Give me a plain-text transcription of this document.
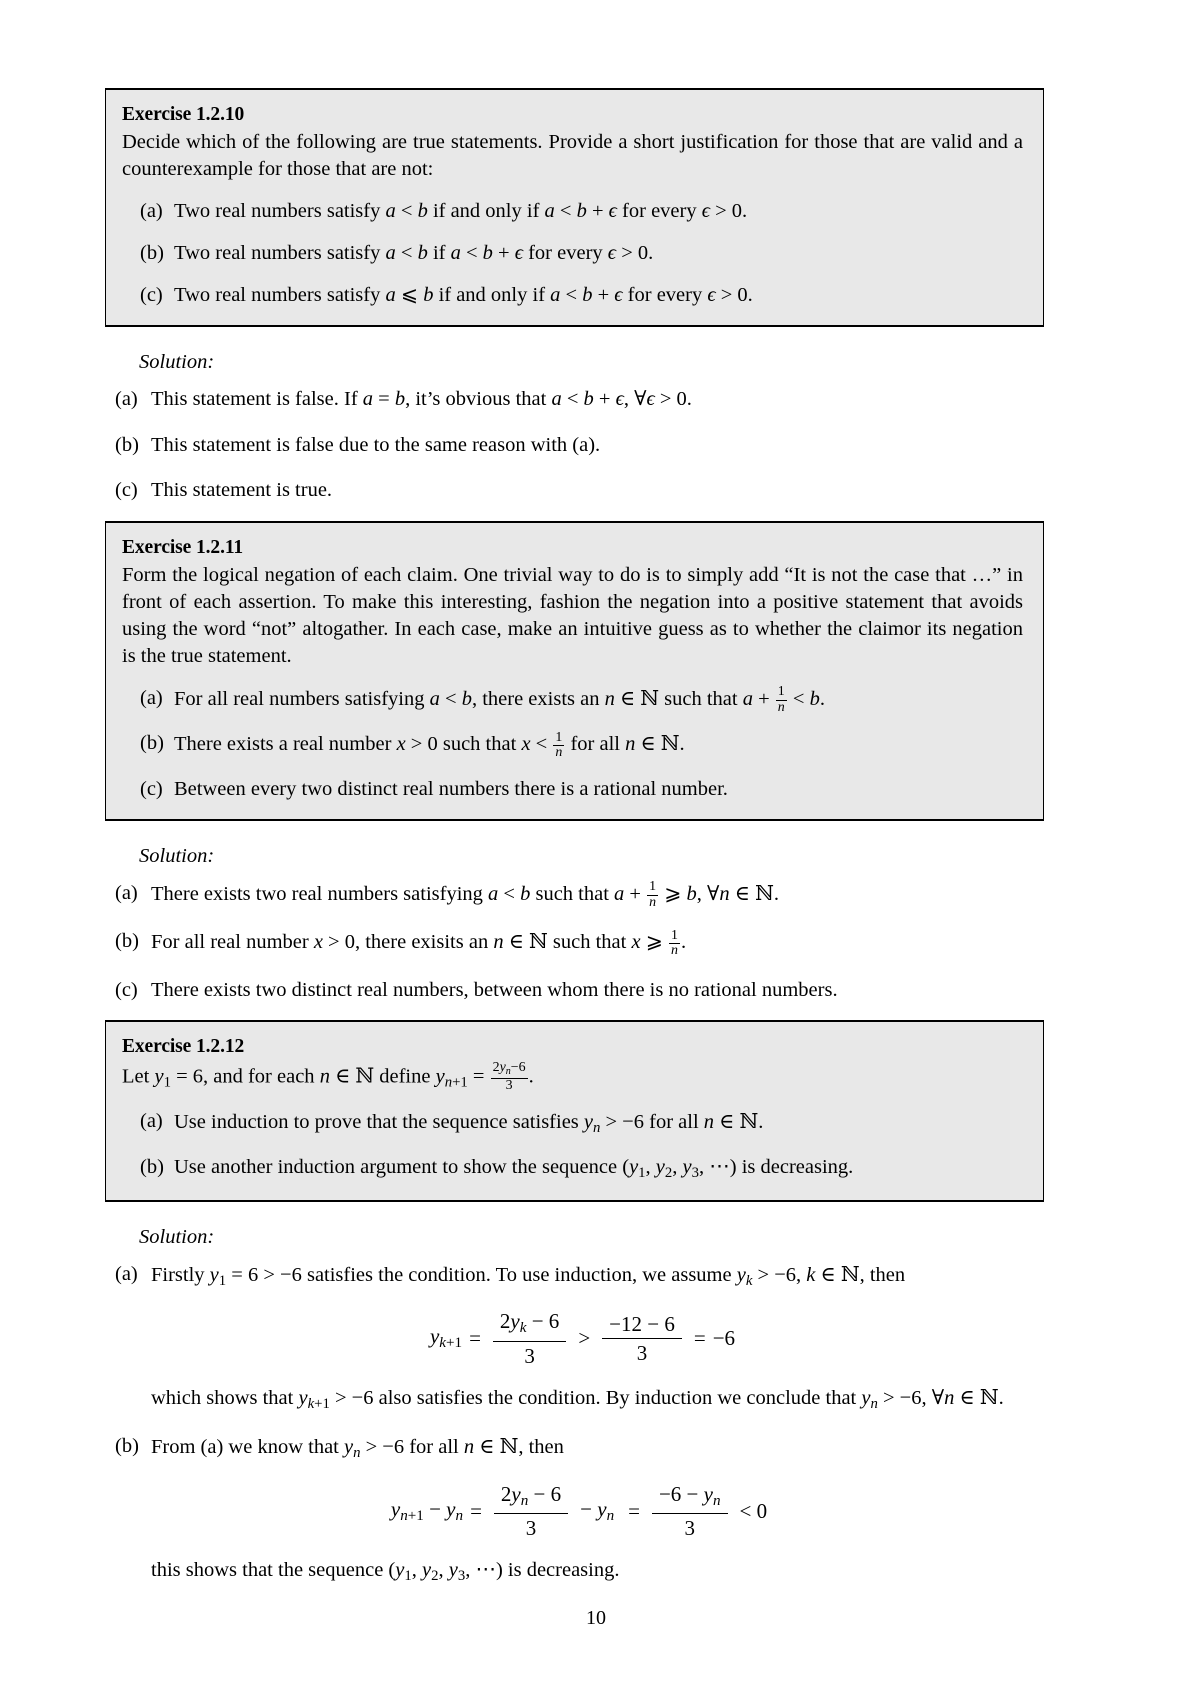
Exercise 1.2.10
Decide which of the following are true statements. Provide a short justification for those that are valid and a counterexample for those that are not:
(a) Two real numbers satisfy a < b if and only if a < b + ϵ for every ϵ > 0.
(b) Two real numbers satisfy a < b if a < b + ϵ for every ϵ > 0.
(c) Two real numbers satisfy a ⩽ b if and only if a < b + ϵ for every ϵ > 0.
Solution:
(a) This statement is false. If a = b, it’s obvious that a < b + ϵ, ∀ϵ > 0.
(b) This statement is false due to the same reason with (a).
(c) This statement is true.
Exercise 1.2.11
Form the logical negation of each claim. One trivial way to do is to simply add “It is not the case that …” in front of each assertion. To make this interesting, fashion the negation into a positive statement that avoids using the word “not” altogather. In each case, make an intuitive guess as to whether the claimor its negation is the true statement.
(a) For all real numbers satisfying a < b, there exists an n ∈ ℕ such that $a + \frac{1}{n} < b$.
(b) There exists a real number x > 0 such that $x < \frac{1}{n}$ for all n ∈ ℕ.
(c) Between every two distinct real numbers there is a rational number.
Solution:
(a) There exists two real numbers satisfying a < b such that $a + \frac{1}{n}$ ⩾ b, ∀n ∈ ℕ.
(b) For all real number x > 0, there exisits an n ∈ ℕ such that x ⩾ $\frac{1}{n}$ .
(c) There exists two distinct real numbers, between whom there is no rational numbers.
Exercise 1.2.12
Let $y_1 = 6$, and for each n ∈ ℕ define $y_{n+1} = \frac{2y_n-6}{3}$ .
(a) Use induction to prove that the sequence satisfies $y_n > -6$ for all n ∈ ℕ.
(b) Use another induction argument to show the sequence ($y_1$, $y_2$, $y_3$, ⋯) is decreasing.
Solution:
(a) Firstly $y_1 = 6 > -6$ satisfies the condition. To use induction, we assume $y_k > -6$, k ∈ ℕ, then
$y_{k+1} = \frac{2y_k - 6}{3} > \frac{-12 - 6}{3} = -6$
which shows that $y_{k+1} > -6$ also satisfies the condition. By induction we conclude that $y_n > -6$, ∀n ∈ ℕ.
(b) From (a) we know that $y_n > -6$ for all n ∈ ℕ, then
$y_{n+1} - y_n = \frac{2y_n - 6}{3} - y_n = \frac{-6 - y_n}{3} < 0$
this shows that the sequence ($y_1$, $y_2$, $y_3$, ⋯) is decreasing.
10
